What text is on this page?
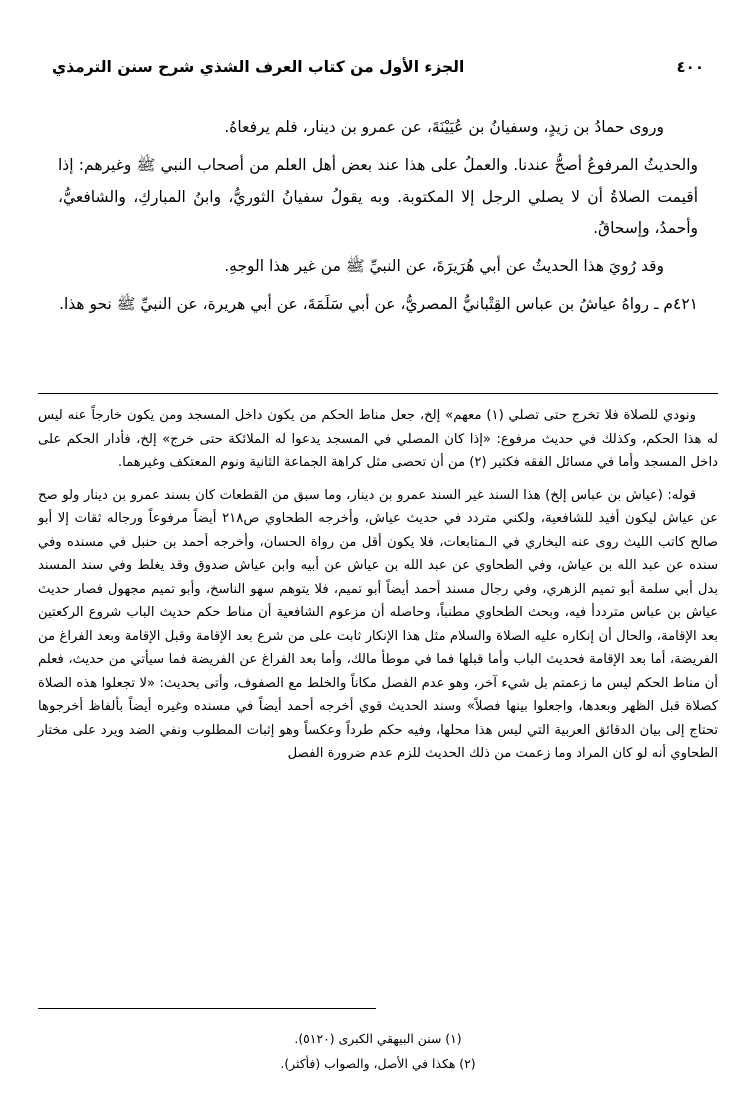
الجزء الأول من كتاب العرف الشذي شرح سنن الترمذي	٤٠٠

وروى حمادُ بن زيدٍ، وسفيانُ بن عُيَيْنَةَ، عن عمرو بن دينار، فلم يرفعاهُ.

والحديثُ المرفوعُ أصحُّ عندنا. والعملُ على هذا عند بعض أهل العلم من أصحاب النبي ﷺ وغيرهم: إذا أقيمت الصلاةُ أن لا يصلي الرجل إلا المكتوبة. وبه يقولُ سفيانُ الثوريُّ، وابنُ المباركِ، والشافعيُّ، وأحمدُ، وإسحاقُ.

وقد رُويَ هذا الحديثُ عن أبي هُرَيرَةَ، عن النبيِّ ﷺ من غير هذا الوجهِ.

٤٢١م ـ رواهُ عياشُ بن عباس القِتْبانيُّ المصريُّ، عن أبي سَلَمَةَ، عن أبي هريرة، عن النبيِّ ﷺ نحو هذا.

ونودي للصلاة فلا تخرج حتى تصلي (١) معهم» إلخ، جعل مناط الحكم من يكون داخل المسجد ومن يكون خارجاً عنه ليس له هذا الحكم، وكذلك في حديث مرفوع: «إذا كان المصلي في المسجد يدعوا له الملائكة حتى خرج» إلخ، فأدار الحكم على داخل المسجد وأما في مسائل الفقه فكثير (٢) من أن تحصى مثل كراهة الجماعة الثانية ونوم المعتكف وغيرهما.

قوله: (عياش بن عباس إلخ) هذا السند غير السند عمرو بن دينار، وما سبق من القطعات كان بسند عمرو بن دينار ولو صح عن عياش ليكون أفيد للشافعية، ولكني متردد في حديث عياش، وأخرجه الطحاوي ص٢١٨ أيضاً مرفوعاً ورجاله ثقات إلا أبو صالح كاتب الليث روى عنه البخاري في الـمتابعات، فلا يكون أقل من رواة الحسان، وأخرجه أحمد بن حنبل في مسنده وفي سنده عن عبد الله بن عياش، وفي الطحاوي عن عبد الله بن عياش عن أبيه وابن عياش صدوق وقد يغلط وفي سند المسند بدل أبي سلمة أبو تميم الزهري، وفي رجال مسند أحمد أيضاً أبو تميم، فلا يتوهم سهو الناسخ، وأبو تميم مجهول فصار حديث عياش بن عباس مترددأ فيه، وبحث الطحاوي مطنباً، وحاصله أن مزعوم الشافعية أن مناط حكم حديث الباب شروع الركعتين بعد الإقامة، والحال أن إنكاره عليه الصلاة والسلام مثل هذا الإنكار ثابت على من شرع بعد الإقامة وقبل الإقامة وبعد الفراغ من الفريضة، أما بعد الإقامة فحديث الباب وأما قبلها فما في موطأ مالك، وأما بعد الفراغ عن الفريضة فما سيأتي من حديث، فعلم أن مناط الحكم ليس ما زعمتم بل شيء آخر، وهو عدم الفصل مكاناً والخلط مع الصفوف، وأتى بحديث: «لا تجعلوا هذه الصلاة كصلاة قبل الظهر وبعدها، واجعلوا بينها فصلاً» وسند الحديث قوي أخرجه أحمد أيضاً في مسنده وغيره أيضاً بألفاظ أخرجوها تحتاج إلى بيان الدقائق العربية التي ليس هذا محلها، وفيه حكم طرداً وعكساً وهو إثبات المطلوب ونفي الضد ويرد على مختار الطحاوي أنه لو كان المراد وما زعمت من ذلك الحديث للزم عدم ضرورة الفصل

(١) سنن البيهقي الكبرى (٥١٢٠).
(٢) هكذا في الأصل، والصواب (فأكثر).
